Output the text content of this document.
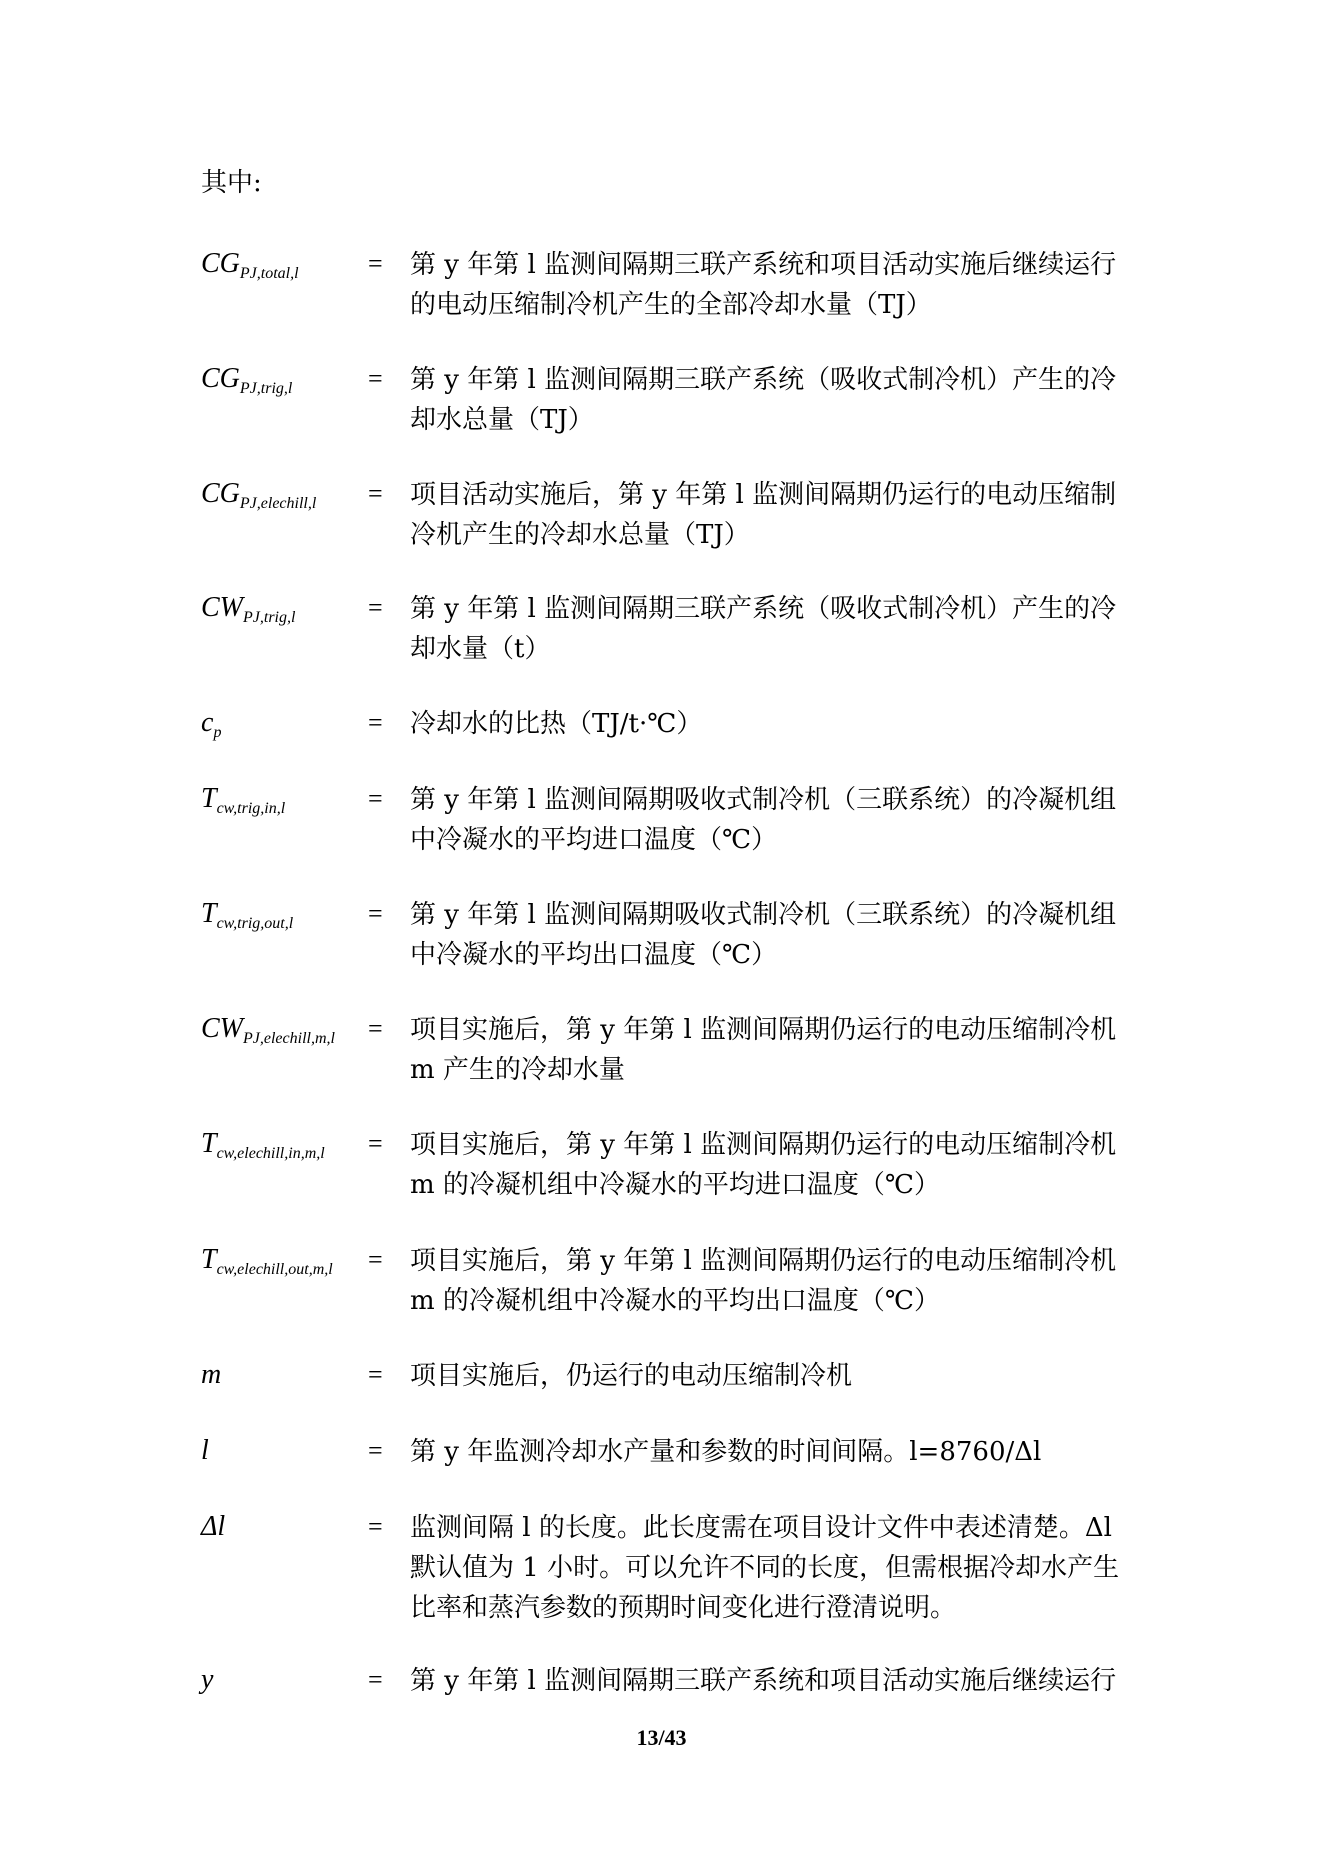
其中:
$CG_{PJ,total,l}$	= 第 y 年第 l 监测间隔期三联产系统和项目活动实施后继续运行
的电动压缩制冷机产生的全部冷却水量（TJ）
$CG_{PJ,trig,l}$	= 第 y 年第 l 监测间隔期三联产系统（吸收式制冷机）产生的冷
却水总量（TJ）
$CG_{PJ,elechill,l}$ = 项目活动实施后，第 y 年第 l 监测间隔期仍运行的电动压缩制
冷机产生的冷却水总量（TJ）
$CW_{PJ,trig,l}$	= 第 y 年第 l 监测间隔期三联产系统（吸收式制冷机）产生的冷
却水量（t）
$c_p$	= 冷却水的比热（TJ/t·℃）
$T_{cw,trig,in,l}$	= 第 y 年第 l 监测间隔期吸收式制冷机（三联系统）的冷凝机组
中冷凝水的平均进口温度（℃）
$T_{cw,trig,out,l}$	= 第 y 年第 l 监测间隔期吸收式制冷机（三联系统）的冷凝机组
中冷凝水的平均出口温度（℃）
$CW_{PJ,elechill,m,l}$ = 项目实施后，第 y 年第 l 监测间隔期仍运行的电动压缩制冷机
m 产生的冷却水量
$T_{cw,elechill,in,m,l}$ = 项目实施后，第 y 年第 l 监测间隔期仍运行的电动压缩制冷机
m 的冷凝机组中冷凝水的平均进口温度（℃）
$T_{cw,elechill,out,m,l}$ = 项目实施后，第 y 年第 l 监测间隔期仍运行的电动压缩制冷机
m 的冷凝机组中冷凝水的平均出口温度（℃）
m	= 项目实施后，仍运行的电动压缩制冷机
l	= 第 y 年监测冷却水产量和参数的时间间隔。l=8760/Δl
Δl	= 监测间隔 l 的长度。此长度需在项目设计文件中表述清楚。Δl
默认值为 1 小时。可以允许不同的长度，但需根据冷却水产生
比率和蒸汽参数的预期时间变化进行澄清说明。
y	= 第 y 年第 l 监测间隔期三联产系统和项目活动实施后继续运行
13/43
